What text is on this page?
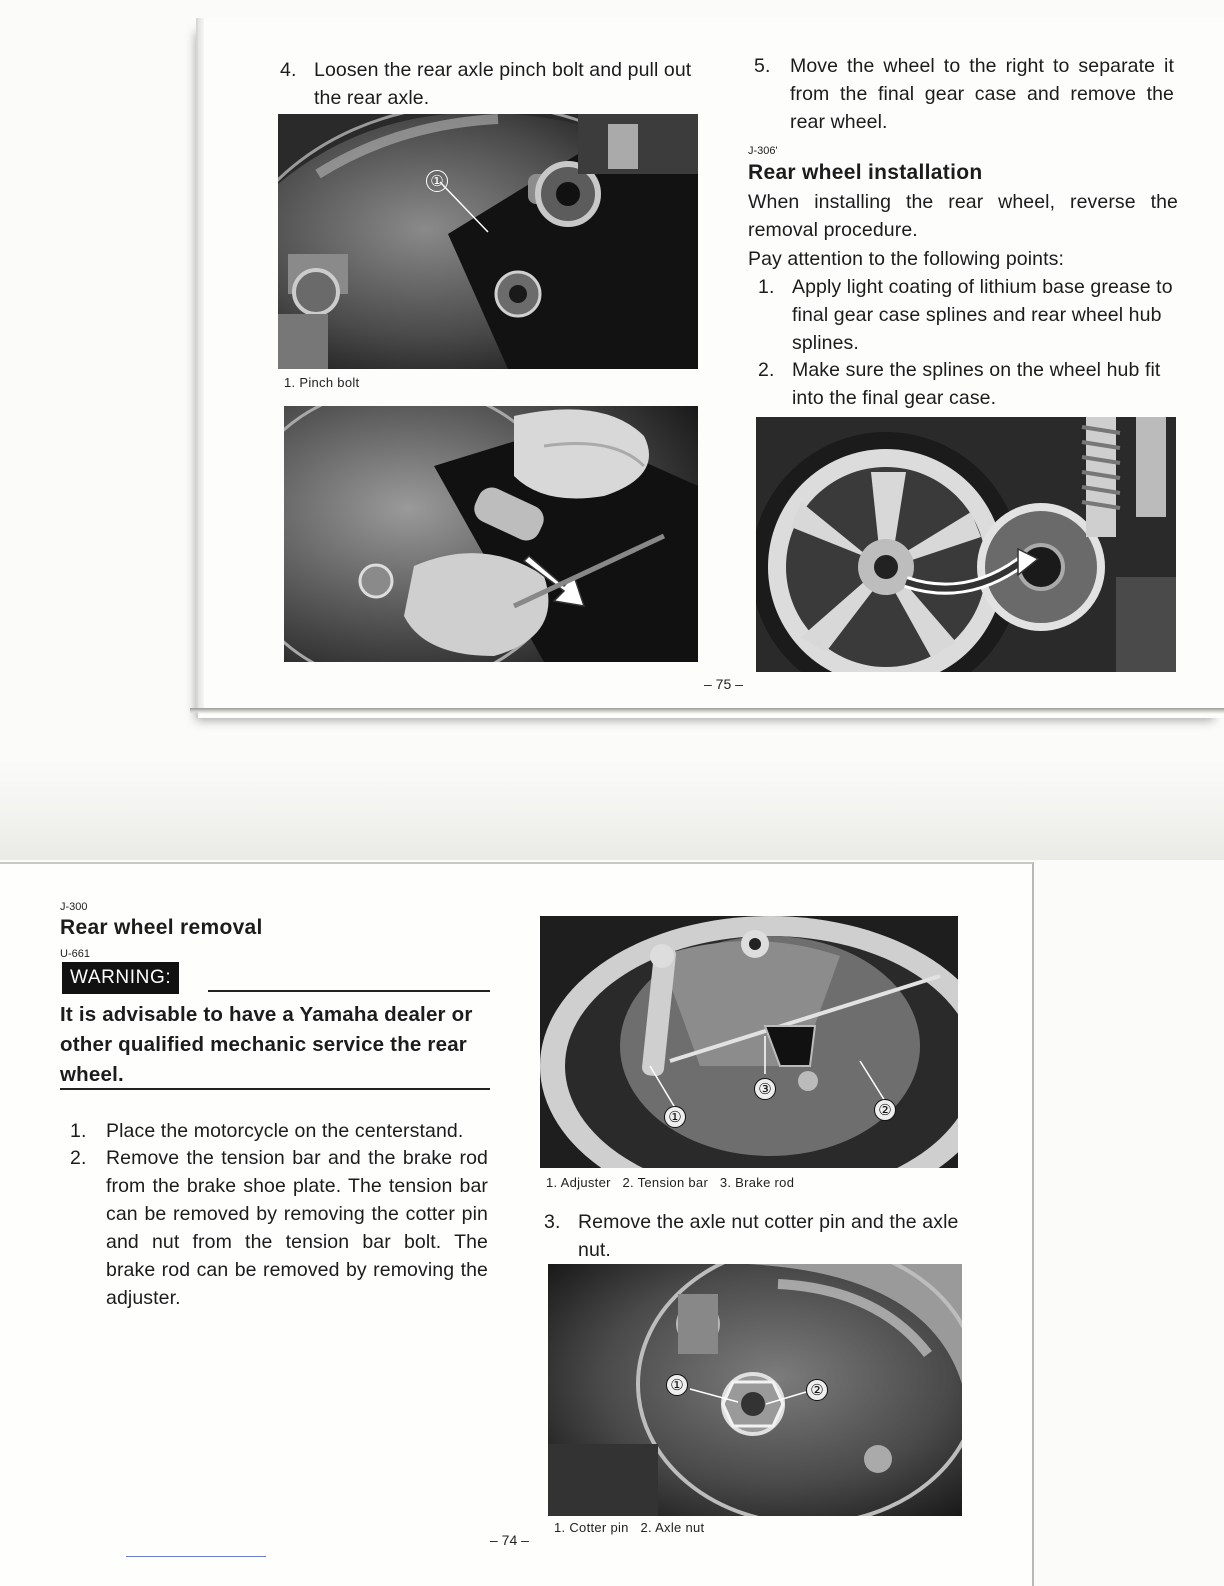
4. Loosen the rear axle pinch bolt and pull out the rear axle.
①
1. Pinch bolt
5. Move the wheel to the right to separate it from the final gear case and remove the rear wheel.
J-306'
Rear wheel installation
When installing the rear wheel, reverse the removal procedure.
Pay attention to the following points:
1. Apply light coating of lithium base grease to final gear case splines and rear wheel hub splines.
2. Make sure the splines on the wheel hub fit into the final gear case.
– 75 –
J-300
Rear wheel removal
U-661
WARNING:
It is advisable to have a Yamaha dealer or other qualified mechanic service the rear wheel.
1. Place the motorcycle on the centerstand.
2. Remove the tension bar and the brake rod from the brake shoe plate. The tension bar can be removed by removing the cotter pin and nut from the tension bar bolt. The brake rod can be removed by removing the adjuster.
①	②
③
1. Adjuster   2. Tension bar   3. Brake rod
3. Remove the axle nut cotter pin and the axle nut.
①	②
1. Cotter pin   2. Axle nut
– 74 –
